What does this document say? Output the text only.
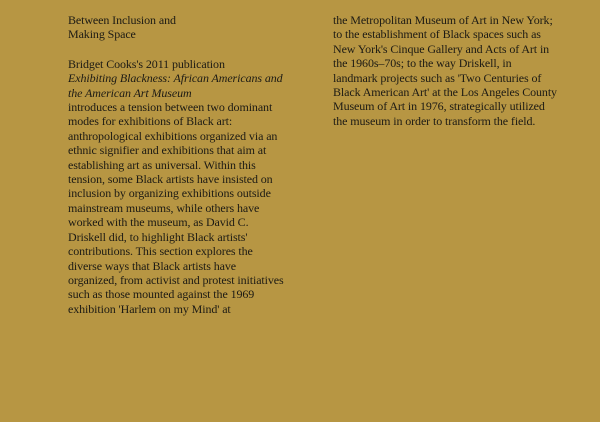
Between Inclusion and
Making Space

Bridget Cooks's 2011 publication
Exhibiting Blackness: African Americans and the American Art Museum
introduces a tension between two dominant modes for exhibitions of Black art: anthropological exhibitions organized via an ethnic signifier and exhibitions that aim at establishing art as universal. Within this tension, some Black artists have insisted on inclusion by organizing exhibitions outside mainstream museums, while others have worked with the museum, as David C. Driskell did, to highlight Black artists' contributions. This section explores the diverse ways that Black artists have organized, from activist and protest initiatives such as those mounted against the 1969 exhibition 'Harlem on my Mind' at

the Metropolitan Museum of Art in New York; to the establishment of Black spaces such as New York's Cinque Gallery and Acts of Art in the 1960s–70s; to the way Driskell, in landmark projects such as 'Two Centuries of Black American Art' at the Los Angeles County Museum of Art in 1976, strategically utilized the museum in order to transform the field.
